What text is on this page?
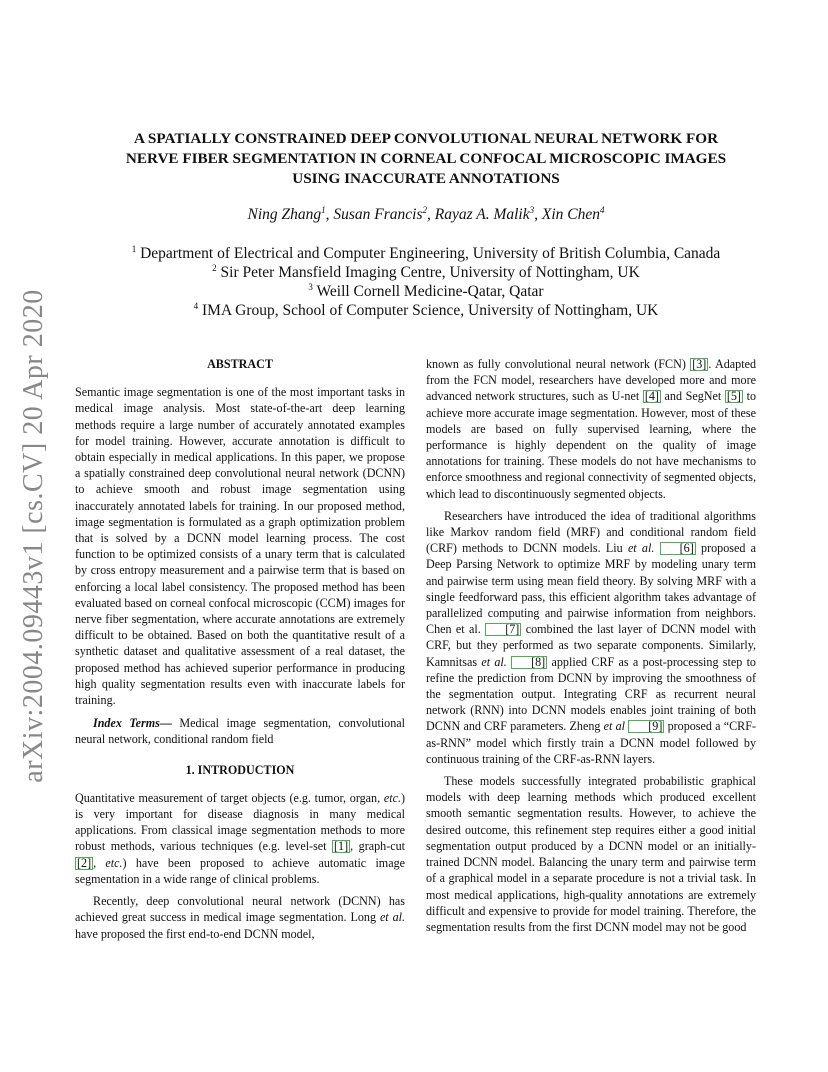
arXiv:2004.09443v1 [cs.CV] 20 Apr 2020
A SPATIALLY CONSTRAINED DEEP CONVOLUTIONAL NEURAL NETWORK FOR
NERVE FIBER SEGMENTATION IN CORNEAL CONFOCAL MICROSCOPIC IMAGES
USING INACCURATE ANNOTATIONS
Ning Zhang$^1$, Susan Francis$^2$, Rayaz A. Malik$^3$, Xin Chen$^4$
$^1$ Department of Electrical and Computer Engineering, University of British Columbia, Canada
$^2$ Sir Peter Mansfield Imaging Centre, University of Nottingham, UK
$^3$ Weill Cornell Medicine-Qatar, Qatar
$^4$ IMA Group, School of Computer Science, University of Nottingham, UK
ABSTRACT

Semantic image segmentation is one of the most important tasks in medical image analysis. Most state-of-the-art deep learning methods require a large number of accurately annotated examples for model training. However, accurate annotation is difficult to obtain especially in medical applications. In this paper, we propose a spatially constrained deep convolutional neural network (DCNN) to achieve smooth and robust image segmentation using inaccurately annotated labels for training. In our proposed method, image segmentation is formulated as a graph optimization problem that is solved by a DCNN model learning process. The cost function to be optimized consists of a unary term that is calculated by cross entropy measurement and a pairwise term that is based on enforcing a local label consistency. The proposed method has been evaluated based on corneal confocal microscopic (CCM) images for nerve fiber segmentation, where accurate annotations are extremely difficult to be obtained. Based on both the quantitative result of a synthetic dataset and qualitative assessment of a real dataset, the proposed method has achieved superior performance in producing high quality segmentation results even with inaccurate labels for training.

Index Terms— Medical image segmentation, convolutional neural network, conditional random field

1. INTRODUCTION

Quantitative measurement of target objects (e.g. tumor, organ, etc.) is very important for disease diagnosis in many medical applications. From classical image segmentation methods to more robust methods, various techniques (e.g. level-set [1] , graph-cut [2] , etc.) have been proposed to achieve automatic image segmentation in a wide range of clinical problems.

Recently, deep convolutional neural network (DCNN) has achieved great success in medical image segmentation. Long et al. have proposed the first end-to-end DCNN model,

known as fully convolutional neural network (FCN) [3] . Adapted from the FCN model, researchers have developed more and more advanced network structures, such as U-net [4] and SegNet [5] to achieve more accurate image segmentation. However, most of these models are based on fully supervised learning, where the performance is highly dependent on the quality of image annotations for training. These models do not have mechanisms to enforce smoothness and regional connectivity of segmented objects, which lead to discontinuously segmented objects.

Researchers have introduced the idea of traditional algorithms like Markov random field (MRF) and conditional random field (CRF) methods to DCNN models. Liu et al. [6] proposed a Deep Parsing Network to optimize MRF by modeling unary term and pairwise term using mean field theory. By solving MRF with a single feedforward pass, this efficient algorithm takes advantage of parallelized computing and pairwise information from neighbors. Chen et al. [7] combined the last layer of DCNN model with CRF, but they performed as two separate components. Similarly, Kamnitsas et al. [8] applied CRF as a post-processing step to refine the prediction from DCNN by improving the smoothness of the segmentation output. Integrating CRF as recurrent neural network (RNN) into DCNN models enables joint training of both DCNN and CRF parameters. Zheng et al [9] proposed a “CRF-as-RNN” model which firstly train a DCNN model followed by continuous training of the CRF-as-RNN layers.

These models successfully integrated probabilistic graphical models with deep learning methods which produced excellent smooth semantic segmentation results. However, to achieve the desired outcome, this refinement step requires either a good initial segmentation output produced by a DCNN model or an initially-trained DCNN model. Balancing the unary term and pairwise term of a graphical model in a separate procedure is not a trivial task. In most medical applications, high-quality annotations are extremely difficult and expensive to provide for model training. Therefore, the segmentation results from the first DCNN model may not be good
